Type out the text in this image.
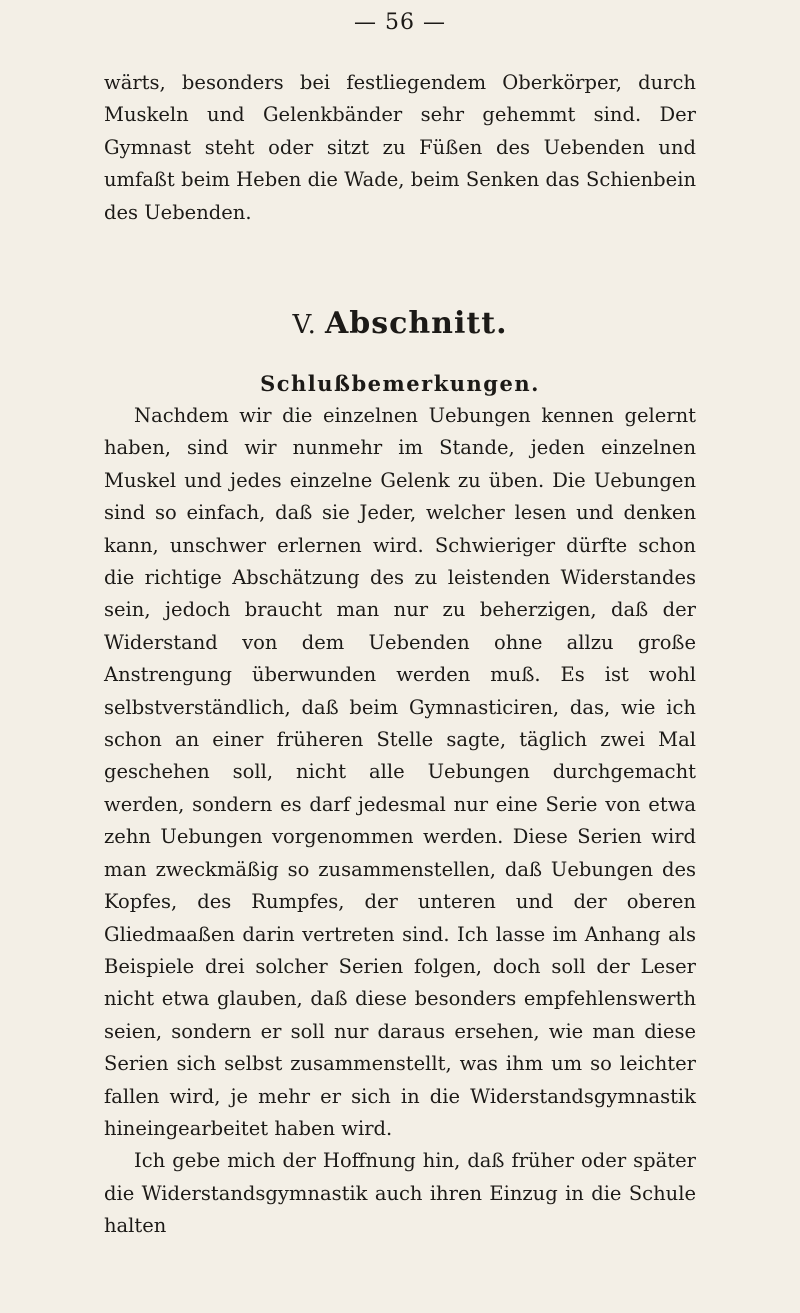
— 56 —

wärts, besonders bei festliegendem Oberkörper, durch Muskeln und Gelenkbänder sehr gehemmt sind. Der Gymnast steht oder sitzt zu Füßen des Uebenden und umfaßt beim Heben die Wade, beim Senken das Schienbein des Uebenden.

V. Abschnitt.
Schlußbemerkungen.

Nachdem wir die einzelnen Uebungen kennen gelernt haben, sind wir nunmehr im Stande, jeden einzelnen Muskel und jedes einzelne Gelenk zu üben. Die Uebungen sind so einfach, daß sie Jeder, welcher lesen und denken kann, unschwer erlernen wird. Schwieriger dürfte schon die richtige Abschätzung des zu leistenden Widerstandes sein, jedoch braucht man nur zu beherzigen, daß der Widerstand von dem Uebenden ohne allzu große Anstrengung überwunden werden muß. Es ist wohl selbstverständlich, daß beim Gymnasticiren, das, wie ich schon an einer früheren Stelle sagte, täglich zwei Mal geschehen soll, nicht alle Uebungen durchgemacht werden, sondern es darf jedesmal nur eine Serie von etwa zehn Uebungen vorgenommen werden. Diese Serien wird man zweckmäßig so zusammenstellen, daß Uebungen des Kopfes, des Rumpfes, der unteren und der oberen Gliedmaaßen darin vertreten sind. Ich lasse im Anhang als Beispiele drei solcher Serien folgen, doch soll der Leser nicht etwa glauben, daß diese besonders empfehlenswerth seien, sondern er soll nur daraus ersehen, wie man diese Serien sich selbst zusammenstellt, was ihm um so leichter fallen wird, je mehr er sich in die Widerstandsgymnastik hineingearbeitet haben wird.

Ich gebe mich der Hoffnung hin, daß früher oder später die Widerstandsgymnastik auch ihren Einzug in die Schule halten
